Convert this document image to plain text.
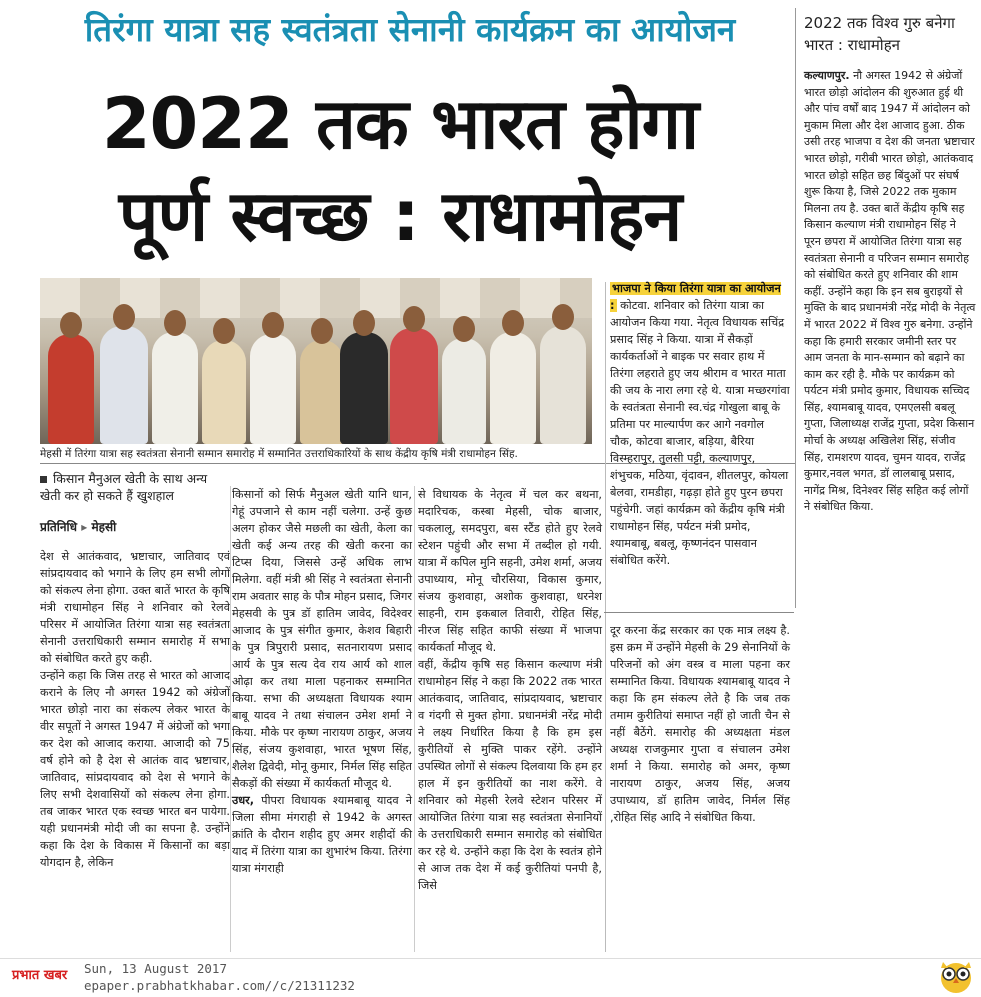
तिरंगा यात्रा सह स्वतंत्रता सेनानी कार्यक्रम का आयोजन
2022 तक भारत होगा
पूर्ण स्वच्छ : राधामोहन
2022 तक विश्व गुरु बनेगा
भारत : राधामोहन
कल्याणपुर. नौ अगस्त 1942 से अंग्रेजों भारत छोड़ो आंदोलन की शुरुआत हुई थी और पांच वर्षों बाद 1947 में आंदोलन को मुकाम मिला और देश आजाद हुआ. ठीक उसी तरह भाजपा व देश की जनता भ्रष्टाचार भारत छोड़ो, गरीबी भारत छोड़ो, आतंकवाद भारत छोड़ो सहित छह बिंदुओं पर संघर्ष शुरू किया है, जिसे 2022 तक मुकाम मिलना तय है. उक्त बातें केंद्रीय कृषि सह किसान कल्याण मंत्री राधामोहन सिंह ने पूरन छपरा में आयोजित तिरंगा यात्रा सह स्वतंत्रता सेनानी व परिजन सम्मान समारोह को संबोधित करते हुए शनिवार की शाम कहीं. उन्होंने कहा कि इन सब बुराइयों से मुक्ति के बाद प्रधानमंत्री नरेंद्र मोदी के नेतृत्व में भारत 2022 में विश्व गुरु बनेगा. उन्होंने कहा कि हमारी सरकार जमीनी स्तर पर आम जनता के मान-सम्मान को बढ़ाने का काम कर रही है. मौके पर कार्यक्रम को पर्यटन मंत्री प्रमोद कुमार, विधायक सच्चिद सिंह, श्यामबाबू यादव, एमएलसी बबलू गुप्ता, जिलाध्यक्ष राजेंद्र गुप्ता, प्रदेश किसान मोर्चा के अध्यक्ष अखिलेश सिंह, संजीव सिंह, रामशरण यादव, चुमन यादव, राजेंद्र कुमार,नवल भगत, डॉ लालबाबू प्रसाद, नागेंद्र मिश्र, दिनेश्वर सिंह सहित कई लोगों ने संबोधित किया.
मेहसी में तिरंगा यात्रा सह स्वतंत्रता सेनानी सम्मान समारोह में सम्मानित उत्तराधिकारियों के साथ केंद्रीय कृषि मंत्री राधामोहन सिंह.
किसान मैनुअल खेती के साथ अन्य खेती कर हो सकते हैं खुशहाल
प्रतिनिधि ▸ मेहसी

देश से आतंकवाद, भ्रष्टाचार, जातिवाद एवं सांप्रदायवाद को भगाने के लिए हम सभी लोगों को संकल्प लेना होगा. उक्त बातें भारत के कृषि मंत्री राधामोहन सिंह ने शनिवार को रेलवे परिसर में आयोजित तिरंगा यात्रा सह स्वतंत्रता सेनानी उत्तराधिकारी सम्मान समारोह में सभा को संबोधित करते हुए कही.

उन्होंने कहा कि जिस तरह से भारत को आजाद कराने के लिए नौ अगस्त 1942 को अंग्रेजों भारत छोड़ो नारा का संकल्प लेकर भारत के वीर सपूतों ने अगस्त 1947 में अंग्रेजों को भगा कर देश को आजाद कराया. आजादी को 75 वर्ष होने को है देश से आतंक वाद भ्रष्टाचार, जातिवाद, सांप्रदायवाद को देश से भगाने के लिए सभी देशवासियों को संकल्प लेना होगा. तब जाकर भारत एक स्वच्छ भारत बन पायेगा. यही प्रधानमंत्री मोदी जी का सपना है. उन्होंने कहा कि देश के विकास में किसानों का बड़ा योगदान है, लेकिन

किसानों को सिर्फ मैनुअल खेती यानि धान, गेहूं उपजाने से काम नहीं चलेगा. उन्हें कुछ अलग होकर जैसे मछली का खेती, केला का खेती कई अन्य तरह की खेती करना का टिप्स दिया, जिससे उन्हें अधिक लाभ मिलेगा. वहीं मंत्री श्री सिंह ने स्वतंत्रता सेनानी राम अवतार साह के पौत्र मोहन प्रसाद, जिगर मेहसवी के पुत्र डॉ हातिम जावेद, विदेश्वर आजाद के पुत्र संगीत कुमार, केशव बिहारी के पुत्र त्रिपुरारी प्रसाद, सतनारायण प्रसाद आर्य के पुत्र सत्य देव राय आर्य को शाल ओढ़ा कर तथा माला पहनाकर सम्मानित किया. सभा की अध्यक्षता विधायक श्याम बाबू यादव ने तथा संचालन उमेश शर्मा ने किया. मौके पर कृष्ण नारायण ठाकुर, अजय सिंह, संजय कुशवाहा, भारत भूषण सिंह, शैलेश द्विवेदी, मोनू कुमार, निर्मल सिंह सहित सैकड़ों की संख्या में कार्यकर्ता मौजूद थे.

उधर, पीपरा विधायक श्यामबाबू यादव ने जिला सीमा मंगराही से 1942 के अगस्त क्रांति के दौरान शहीद हुए अमर शहीदों की याद में तिरंगा यात्रा का शुभारंभ किया. तिरंगा यात्रा मंगराही

से विधायक के नेतृत्व में चल कर बथना, मदारिचक, कस्बा मेहसी, चोक बाजार, चकलालू, समदपुरा, बस स्टैंड होते हुए रेलवे स्टेशन पहुंची और सभा में तब्दील हो गयी. यात्रा में कपिल मुनि सहनी, उमेश शर्मा, अजय उपाध्याय, मोनू चौरसिया, विकास कुमार, संजय कुशवाहा, अशोक कुशवाहा, धरनेश साहनी, राम इकबाल तिवारी, रोहित सिंह, नीरज सिंह सहित काफी संख्या में भाजपा कार्यकर्ता मौजूद थे.

वहीं, केंद्रीय कृषि सह किसान कल्याण मंत्री राधामोहन सिंह ने कहा कि 2022 तक भारत आतंकवाद, जातिवाद, सांप्रदायवाद, भ्रष्टाचार व गंदगी से मुक्त होगा. प्रधानमंत्री नरेंद्र मोदी ने लक्ष्य निर्धारित किया है कि हम इस कुरीतियों से मुक्ति पाकर रहेंगे. उन्होंने उपस्थित लोगों से संकल्प दिलवाया कि हम हर हाल में इन कुरीतियों का नाश करेंगे. वे शनिवार को मेहसी रेलवे स्टेशन परिसर में आयोजित तिरंगा यात्रा सह स्वतंत्रता सेनानियों के उत्तराधिकारी सम्मान समारोह को संबोधित कर रहे थे. उन्होंने कहा कि देश के स्वतंत्र होने से आज तक देश में कई कुरीतियां पनपी है, जिसे

भाजपा ने किया तिरंगा यात्रा का आयोजन : कोटवा. शनिवार को तिरंगा यात्रा का आयोजन किया गया. नेतृत्व विधायक सचिंद्र प्रसाद सिंह ने किया. यात्रा में सैकड़ों कार्यकर्ताओं ने बाइक पर सवार हाथ में तिरंगा लहराते हुए जय श्रीराम व भारत माता की जय के नारा लगा रहे थे. यात्रा मच्छरगांवा के स्वतंत्रता सेनानी स्व.चंद्र गोखुला बाबू के प्रतिमा पर माल्यार्पण कर आगे नवगोल चौक, कोटवा बाजार, बड़िया, बैरिया विस्म्हरापुर, तुलसी पट्टी, कल्याणपुर, शंभुचक, मठिया, वृंदावन, शीतलपुर, कोयला बेलवा, रामडीहा, गढ़ड़ा होते हुए पुरन छपरा पहुंचेगी. जहां कार्यक्रम को केंद्रीय कृषि मंत्री राधामोहन सिंह, पर्यटन मंत्री प्रमोद, श्यामबाबू, बबलू, कृष्णनंदन पासवान संबोधित करेंगे.

दूर करना केंद्र सरकार का एक मात्र लक्ष्य है. इस क्रम में उन्होंने मेहसी के 29 सेनानियों के परिजनों को अंग वस्त्र व माला पहना कर सम्मानित किया. विधायक श्यामबाबू यादव ने कहा कि हम संकल्प लेते है कि जब तक तमाम कुरीतियां समाप्त नहीं हो जाती चैन से नहीं बैठेंगे. समारोह की अध्यक्षता मंडल अध्यक्ष राजकुमार गुप्ता व संचालन उमेश शर्मा ने किया. समारोह को अमर, कृष्ण नारायण ठाकुर, अजय सिंह, अजय उपाध्याय, डॉ हातिम जावेद, निर्मल सिंह ,रोहित सिंह आदि ने संबोधित किया.

प्रभात खबर	Sun, 13 August 2017
epaper.prabhatkhabar.com//c/21311232
